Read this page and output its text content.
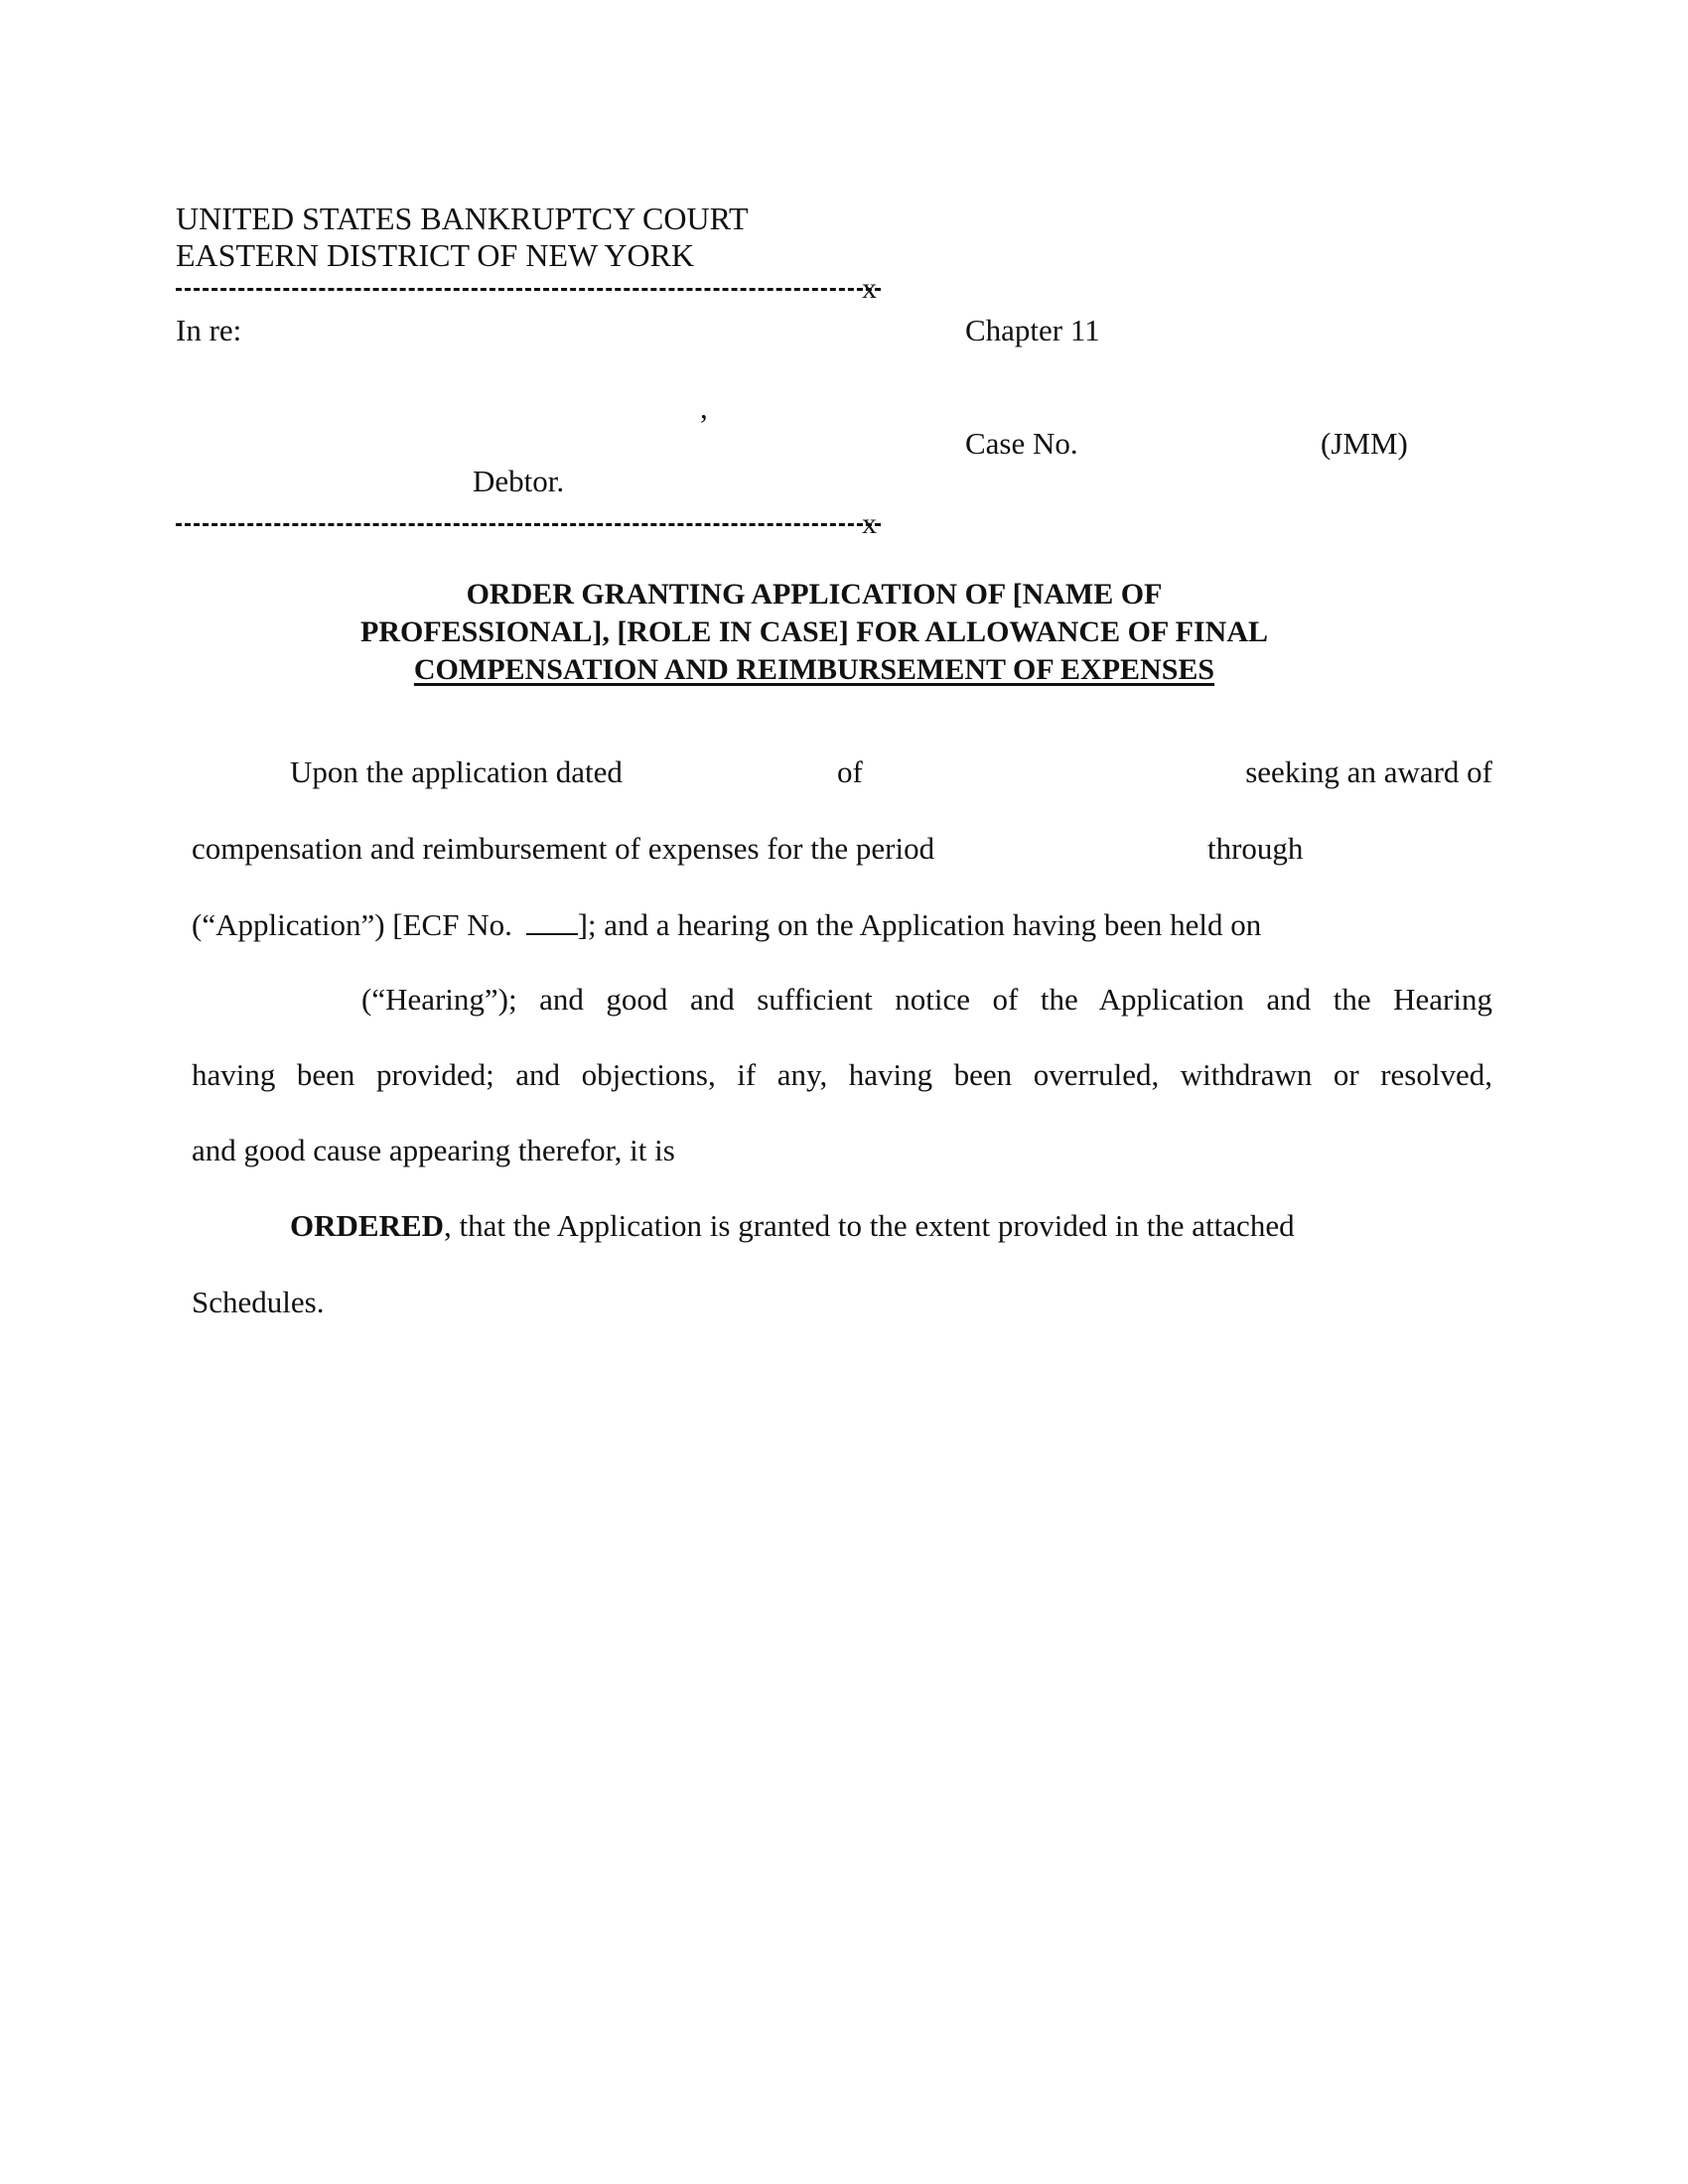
UNITED STATES BANKRUPTCY COURT
EASTERN DISTRICT OF NEW YORK
x
In re:
,
Debtor.
Chapter 11
Case No.	(JMM)
x
ORDER GRANTING APPLICATION OF [NAME OF
PROFESSIONAL], [ROLE IN CASE] FOR ALLOWANCE OF FINAL
COMPENSATION AND REIMBURSEMENT OF EXPENSES
Upon the application dated	of	seeking an award of
compensation and reimbursement of expenses for the period	through
(“Application”) [ECF No. ]; and a hearing on the Application having been held on
(“Hearing”); and good and sufficient notice of the Application and the Hearing
having been provided; and objections, if any, having been overruled, withdrawn or resolved,
and good cause appearing therefor, it is
ORDERED, that the Application is granted to the extent provided in the attached
Schedules.
